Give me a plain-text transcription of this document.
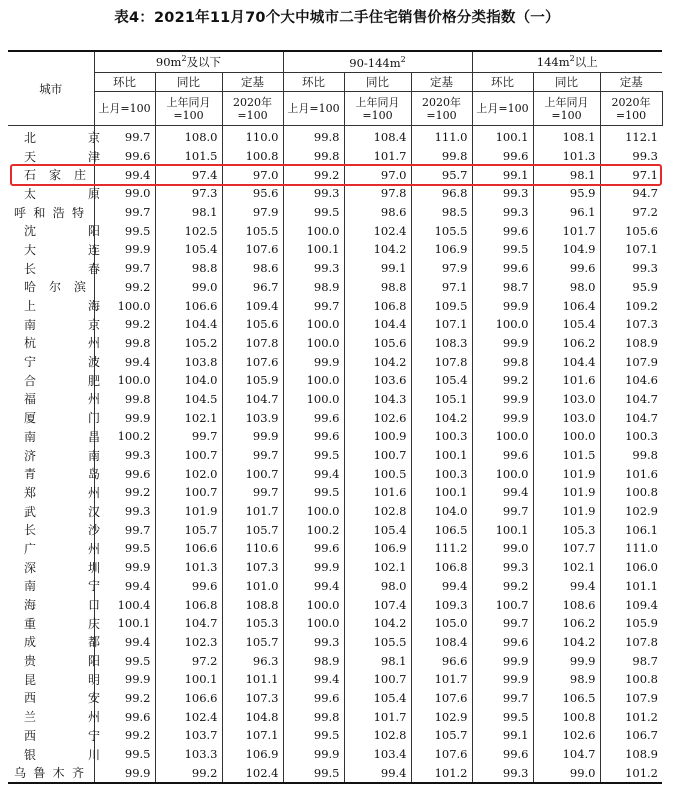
表4：2021年11月70个大中城市二手住宅销售价格分类指数（一）
城市	$90m^2$及以下			$90-144m^2$			$144m^2$以上		
	环比	同比	定基	环比	同比	定基	环比	同比	定基
	上月=100	上年同月=100	2020年=100	上月=100	上年同月=100	2020年=100	上月=100	上年同月=100	2020年=100
北 京	99.7	108.0	110.0	99.8	108.4	111.0	100.1	108.1	112.1
天 津	99.6	101.5	100.8	99.8	101.7	99.8	99.6	101.3	99.3
石 家 庄	99.4	97.4	97.0	99.2	97.0	95.7	99.1	98.1	97.1
太 原	99.0	97.3	95.6	99.3	97.8	96.8	99.3	95.9	94.7
呼和浩特	99.7	98.1	97.9	99.5	98.6	98.5	99.3	96.1	97.2
沈 阳	99.5	102.5	105.5	100.0	102.4	105.5	99.6	101.7	105.6
大 连	99.9	105.4	107.6	100.1	104.2	106.9	99.5	104.9	107.1
长 春	99.7	98.8	98.6	99.3	99.1	97.9	99.6	99.6	99.3
哈 尔 滨	99.2	99.0	96.7	98.9	98.8	97.1	98.7	98.0	95.9
上 海	100.0	106.6	109.4	99.7	106.8	109.5	99.9	106.4	109.2
南 京	99.2	104.4	105.6	100.0	104.4	107.1	100.0	105.4	107.3
杭 州	99.8	105.2	107.8	100.0	105.6	108.3	99.9	106.2	108.9
宁 波	99.4	103.8	107.6	99.9	104.2	107.8	99.8	104.4	107.9
合 肥	100.0	104.0	105.9	100.0	103.6	105.4	99.2	101.6	104.6
福 州	99.8	104.5	104.7	100.0	104.3	105.1	99.9	103.0	104.7
厦 门	99.9	102.1	103.9	99.6	102.6	104.2	99.9	103.0	104.7
南 昌	100.2	99.7	99.9	99.6	100.9	100.3	100.0	100.0	100.3
济 南	99.3	100.7	99.7	99.5	100.7	100.1	99.6	101.5	99.8
青 岛	99.6	102.0	100.7	99.4	100.5	100.3	100.0	101.9	101.6
郑 州	99.2	100.7	99.7	99.5	101.6	100.1	99.4	101.9	100.8
武 汉	99.3	101.9	101.7	100.0	102.8	104.0	99.7	101.9	102.9
长 沙	99.7	105.7	105.7	100.2	105.4	106.5	100.1	105.3	106.1
广 州	99.5	106.6	110.6	99.6	106.9	111.2	99.0	107.7	111.0
深 圳	99.9	101.3	107.3	99.9	102.1	106.8	99.3	102.1	106.0
南 宁	99.4	99.6	101.0	99.4	98.0	99.4	99.2	99.4	101.1
海 口	100.4	106.8	108.8	100.0	107.4	109.3	100.7	108.6	109.4
重 庆	100.1	104.7	105.3	100.0	104.2	105.0	99.7	106.2	105.9
成 都	99.4	102.3	105.7	99.3	105.5	108.4	99.6	104.2	107.8
贵 阳	99.5	97.2	96.3	98.9	98.1	96.6	99.9	99.9	98.7
昆 明	99.9	100.1	101.1	99.4	100.7	101.7	99.9	98.9	100.8
西 安	99.2	106.6	107.3	99.6	105.4	107.6	99.7	106.5	107.9
兰 州	99.6	102.4	104.8	99.8	101.7	102.9	99.5	100.8	101.2
西 宁	99.2	103.7	107.1	99.5	102.8	105.7	99.1	102.6	106.7
银 川	99.5	103.3	106.9	99.9	103.4	107.6	99.6	104.7	108.9
乌鲁木齐	99.9	99.2	102.4	99.5	99.4	101.2	99.3	99.0	101.2
